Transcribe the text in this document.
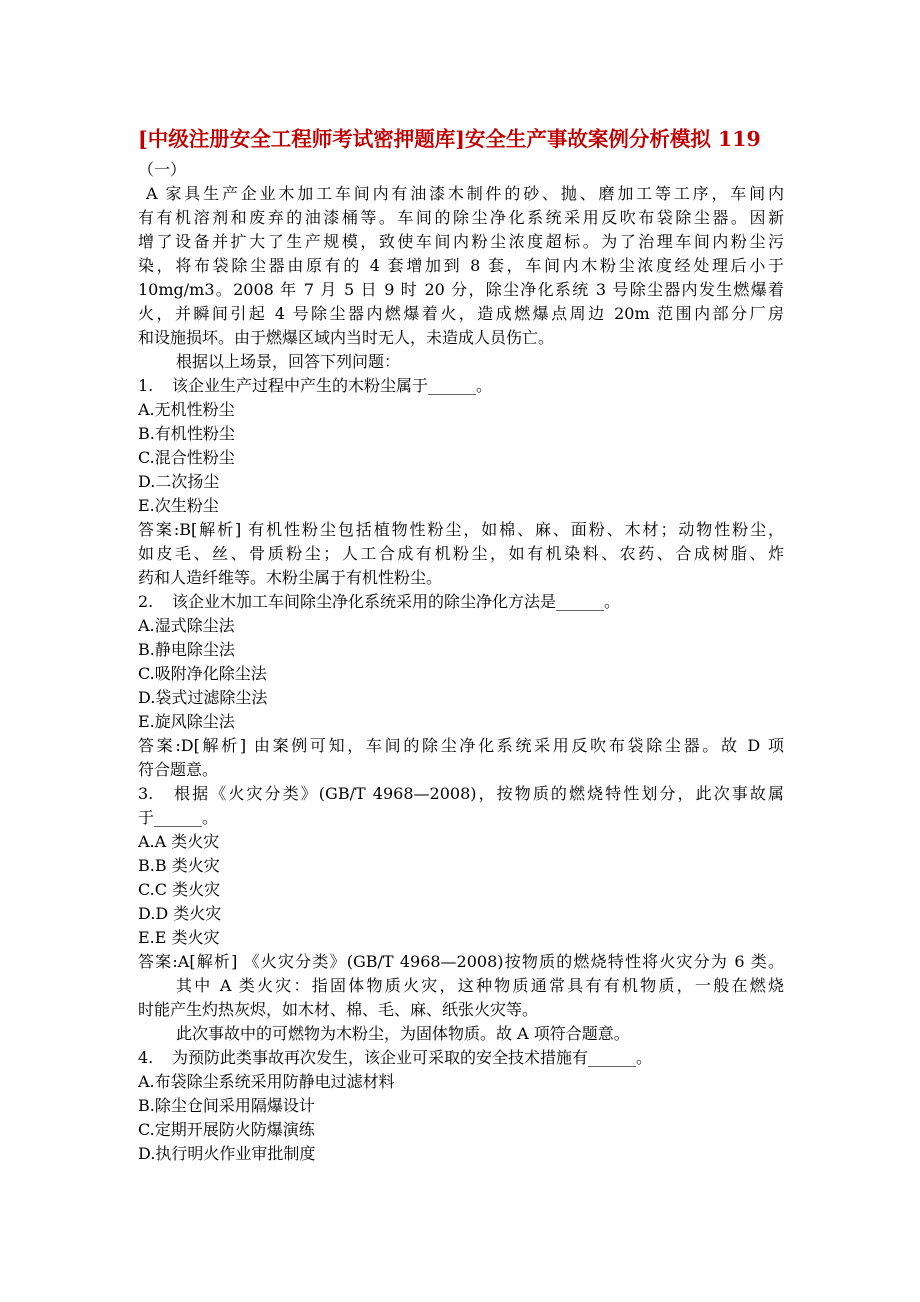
[中级注册安全工程师考试密押题库]安全生产事故案例分析模拟 119
（一）
A 家具生产企业木加工车间内有油漆木制件的砂、抛、磨加工等工序，车间内
有有机溶剂和废弃的油漆桶等。车间的除尘净化系统采用反吹布袋除尘器。因新
增了设备并扩大了生产规模，致使车间内粉尘浓度超标。为了治理车间内粉尘污
染，将布袋除尘器由原有的 4 套增加到 8 套，车间内木粉尘浓度经处理后小于
10mg/m3。2008 年 7 月 5 日 9 时 20 分，除尘净化系统 3 号除尘器内发生燃爆着
火，并瞬间引起 4 号除尘器内燃爆着火，造成燃爆点周边 20m 范围内部分厂房
和设施损坏。由于燃爆区域内当时无人，未造成人员伤亡。
根据以上场景，回答下列问题：
1. 该企业生产过程中产生的木粉尘属于______。
A.无机性粉尘
B.有机性粉尘
C.混合性粉尘
D.二次扬尘
E.次生粉尘
答案:B[解析] 有机性粉尘包括植物性粉尘，如棉、麻、面粉、木材；动物性粉尘，
如皮毛、丝、骨质粉尘；人工合成有机粉尘，如有机染料、农药、合成树脂、炸
药和人造纤维等。木粉尘属于有机性粉尘。
2. 该企业木加工车间除尘净化系统采用的除尘净化方法是______。
A.湿式除尘法
B.静电除尘法
C.吸附净化除尘法
D.袋式过滤除尘法
E.旋风除尘法
答案:D[解析] 由案例可知，车间的除尘净化系统采用反吹布袋除尘器。故 D 项
符合题意。
3. 根据《火灾分类》(GB/T 4968—2008)，按物质的燃烧特性划分，此次事故属
于______。
A.A 类火灾
B.B 类火灾
C.C 类火灾
D.D 类火灾
E.E 类火灾
答案:A[解析] 《火灾分类》(GB/T 4968—2008)按物质的燃烧特性将火灾分为 6 类。
其中 A 类火灾：指固体物质火灾，这种物质通常具有有机物质，一般在燃烧
时能产生灼热灰烬，如木材、棉、毛、麻、纸张火灾等。
此次事故中的可燃物为木粉尘，为固体物质。故 A 项符合题意。
4. 为预防此类事故再次发生，该企业可采取的安全技术措施有______。
A.布袋除尘系统采用防静电过滤材料
B.除尘仓间采用隔爆设计
C.定期开展防火防爆演练
D.执行明火作业审批制度
